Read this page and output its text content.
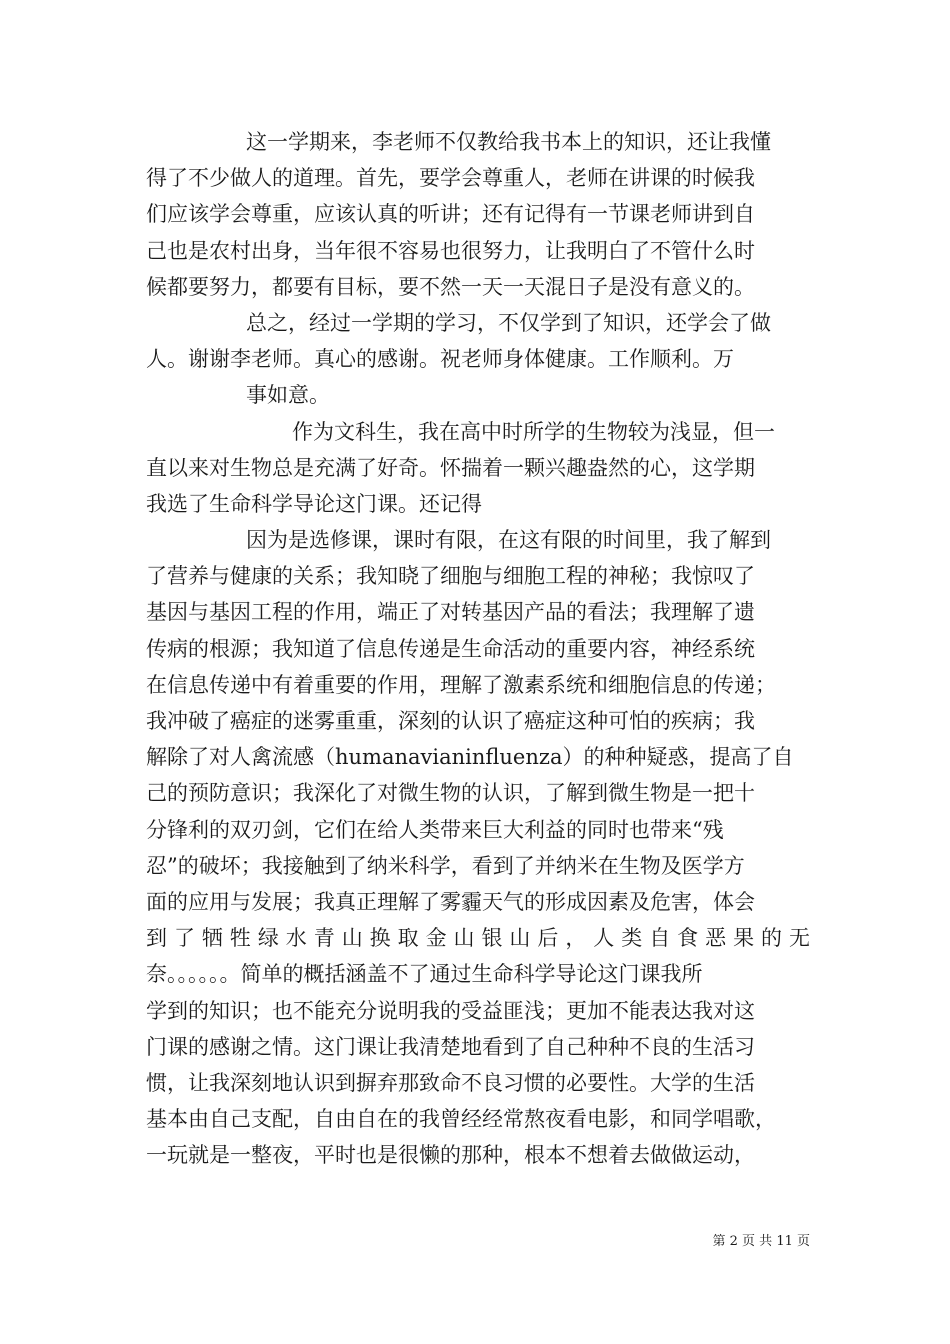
这一学期来，李老师不仅教给我书本上的知识，还让我懂
得了不少做人的道理。首先，要学会尊重人，老师在讲课的时候我
们应该学会尊重，应该认真的听讲；还有记得有一节课老师讲到自
己也是农村出身，当年很不容易也很努力，让我明白了不管什么时
候都要努力，都要有目标，要不然一天一天混日子是没有意义的。
总之，经过一学期的学习，不仅学到了知识，还学会了做
人。谢谢李老师。真心的感谢。祝老师身体健康。工作顺利。万
事如意。
作为文科生，我在高中时所学的生物较为浅显，但一
直以来对生物总是充满了好奇。怀揣着一颗兴趣盎然的心，这学期
我选了生命科学导论这门课。还记得
因为是选修课，课时有限，在这有限的时间里，我了解到
了营养与健康的关系；我知晓了细胞与细胞工程的神秘；我惊叹了
基因与基因工程的作用，端正了对转基因产品的看法；我理解了遗
传病的根源；我知道了信息传递是生命活动的重要内容，神经系统
在信息传递中有着重要的作用，理解了激素系统和细胞信息的传递；
我冲破了癌症的迷雾重重，深刻的认识了癌症这种可怕的疾病；我
解除了对人禽流感（humanavianinfluenza）的种种疑惑，提高了自
己的预防意识；我深化了对微生物的认识，了解到微生物是一把十
分锋利的双刃剑，它们在给人类带来巨大利益的同时也带来“残
忍”的破坏；我接触到了纳米科学，看到了并纳米在生物及医学方
面的应用与发展；我真正理解了雾霾天气的形成因素及危害，体会
到了牺牲绿水青山换取金山银山后，人类自食恶果的无
奈。。。。。。简单的概括涵盖不了通过生命科学导论这门课我所
学到的知识；也不能充分说明我的受益匪浅；更加不能表达我对这
门课的感谢之情。这门课让我清楚地看到了自己种种不良的生活习
惯，让我深刻地认识到摒弃那致命不良习惯的必要性。大学的生活
基本由自己支配，自由自在的我曾经经常熬夜看电影，和同学唱歌，
一玩就是一整夜，平时也是很懒的那种，根本不想着去做做运动，
第 2 页 共 11 页
